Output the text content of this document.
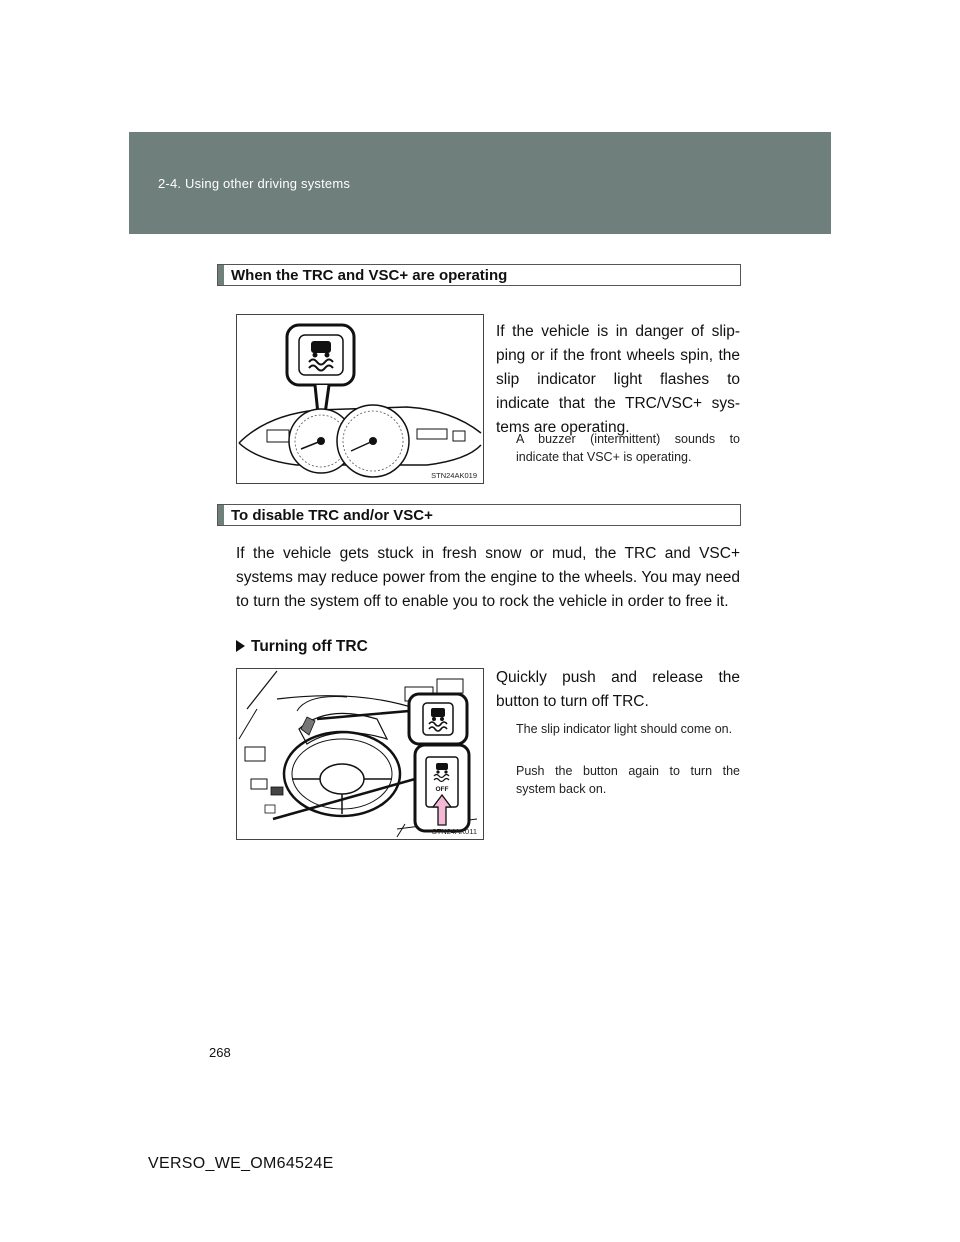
2-4. Using other driving systems
When the TRC and VSC+ are operating
STN24AK019
If the vehicle is in danger of slip-ping or if the front wheels spin, the slip indicator light flashes to indicate that the TRC/VSC+ sys-tems are operating.
A buzzer (intermittent) sounds to indicate that VSC+ is operating.
To disable TRC and/or VSC+
If the vehicle gets stuck in fresh snow or mud, the TRC and VSC+ systems may reduce power from the engine to the wheels. You may need to turn the system off to enable you to rock the vehicle in order to free it.
Turning off TRC
OFF
STN24AK011
Quickly push and release the button to turn off TRC.
The slip indicator light should come on.
Push the button again to turn the system back on.
268
VERSO_WE_OM64524E
